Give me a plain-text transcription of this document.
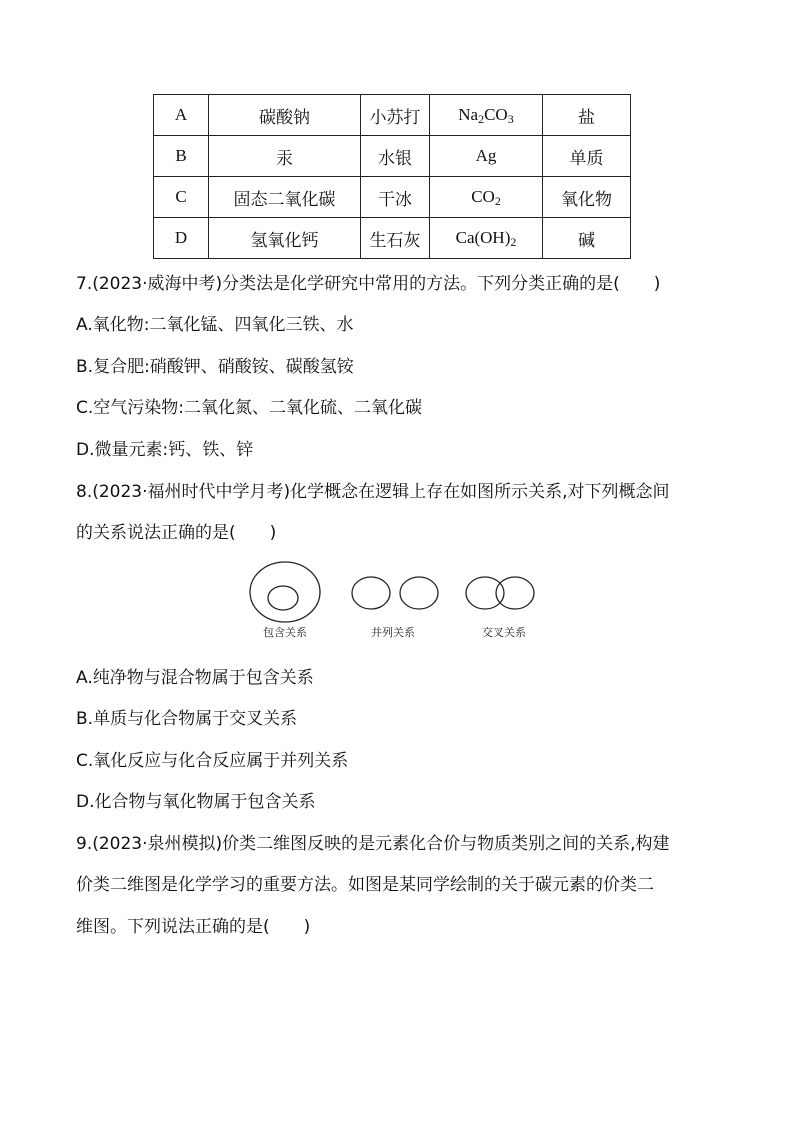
A	碳酸钠	小苏打	$Na_2CO_3$	盐
B	汞	水银	Ag	单质
C	固态二氧化碳	干冰	$CO_2$	氧化物
D	氢氧化钙	生石灰	$Ca(OH)_2$	碱
7.(2023·威海中考)分类法是化学研究中常用的方法。下列分类正确的是(　　)
A.氧化物:二氧化锰、四氧化三铁、水
B.复合肥:硝酸钾、硝酸铵、碳酸氢铵
C.空气污染物:二氧化氮、二氧化硫、二氧化碳
D.微量元素:钙、铁、锌
8.(2023·福州时代中学月考)化学概念在逻辑上存在如图所示关系,对下列概念间
的关系说法正确的是(　　)
包含关系	并列关系	交叉关系
A.纯净物与混合物属于包含关系
B.单质与化合物属于交叉关系
C.氧化反应与化合反应属于并列关系
D.化合物与氧化物属于包含关系
9.(2023·泉州模拟)价类二维图反映的是元素化合价与物质类别之间的关系,构建
价类二维图是化学学习的重要方法。如图是某同学绘制的关于碳元素的价类二
维图。下列说法正确的是(　　)
